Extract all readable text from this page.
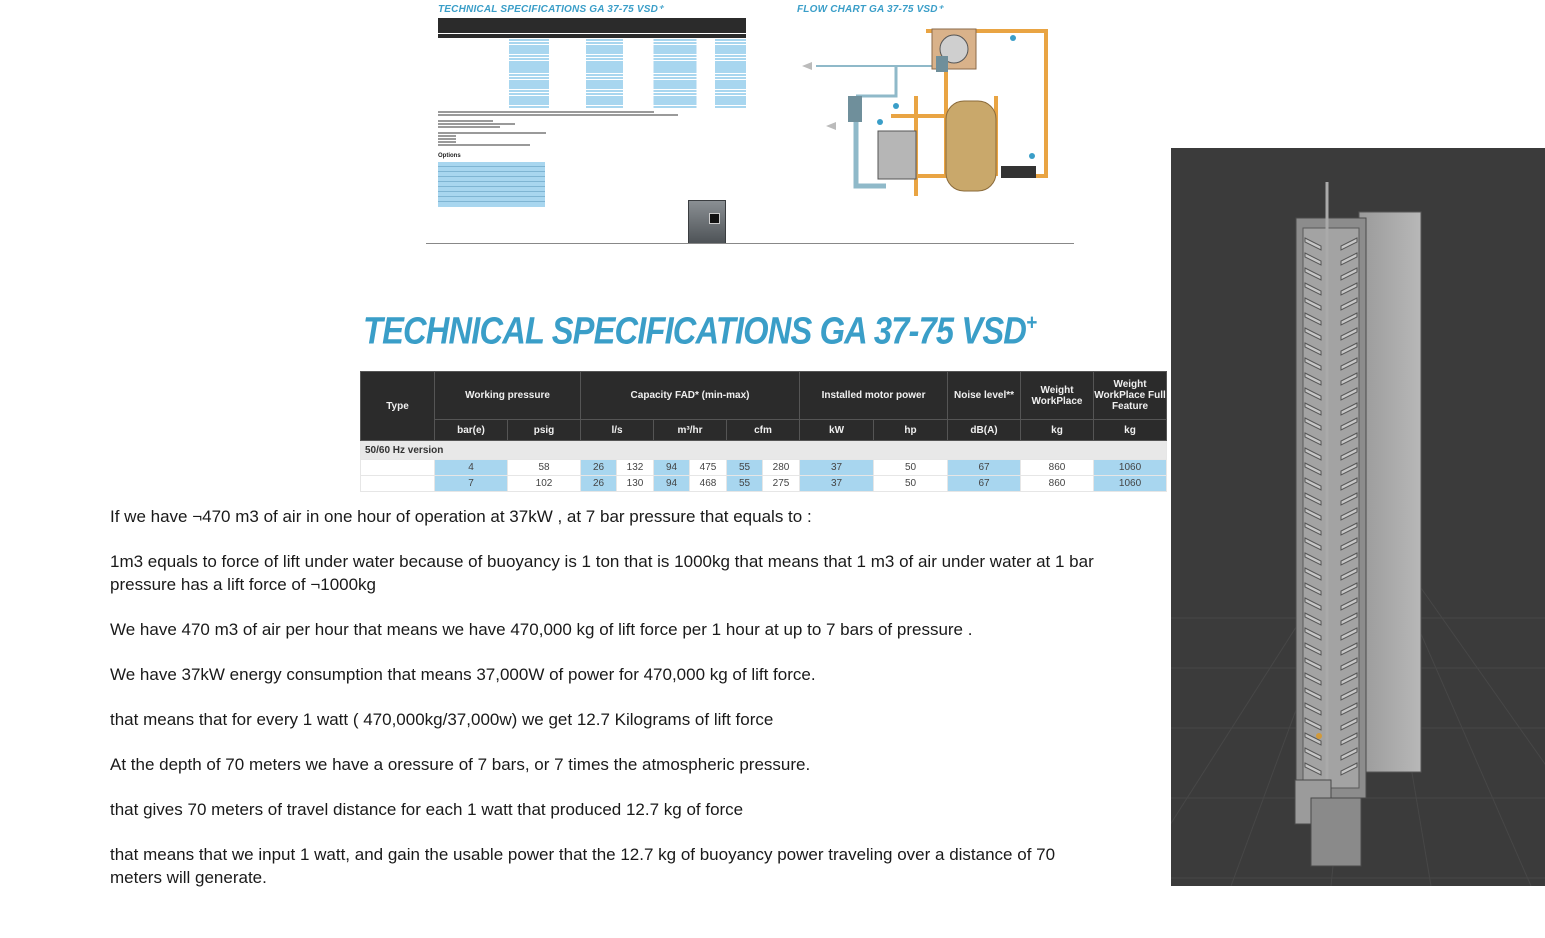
TECHNICAL SPECIFICATIONS GA 37-75 VSD⁺	FLOW CHART GA 37-75 VSD⁺
Options
TECHNICAL SPECIFICATIONS GA 37-75 VSD+
Type	Working pressure		Capacity FAD* (min-max)						Installed motor power		Noise level**	Weight WorkPlace	Weight WorkPlace Full Feature
	bar(e)	psig	l/s		m³/hr		cfm		kW	hp	dB(A)	kg	kg
50/60 Hz version													
	4	58	26	132	94	475	55	280	37	50	67	860	1060
	7	102	26	130	94	468	55	275	37	50	67	860	1060

If we have ¬470 m3 of air in one hour of operation at 37kW , at 7 bar pressure that equals to :

1m3 equals to force of lift under water because of buoyancy is 1 ton that is 1000kg that means that 1 m3 of air under water at 1 bar pressure has a lift force of ¬1000kg

We have 470 m3 of air per hour that means we have 470,000 kg of lift force per 1 hour at up to 7 bars of pressure .

We have 37kW energy consumption that means 37,000W of power for 470,000 kg of lift force.

that means that for every 1 watt ( 470,000kg/37,000w) we get 12.7 Kilograms of lift force

At the depth of 70 meters we have a oressure of 7 bars, or 7 times the atmospheric pressure.

that gives 70 meters of travel distance for each 1 watt that produced 12.7 kg of force

that means that we input 1 watt, and gain the usable power that the 12.7 kg of buoyancy power traveling over a distance of 70 meters will generate.
